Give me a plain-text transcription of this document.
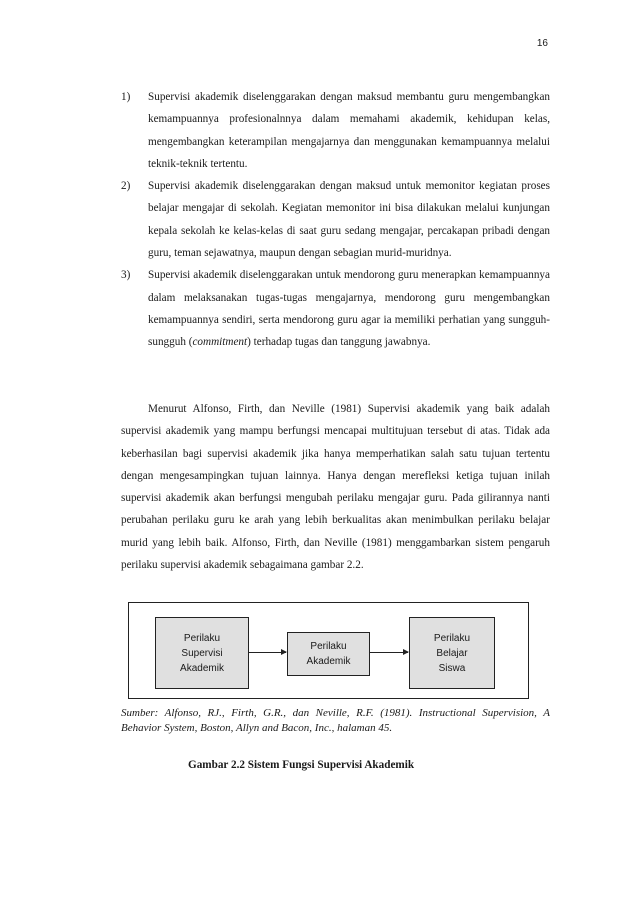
16
1) Supervisi akademik diselenggarakan dengan maksud membantu guru mengembangkan kemampuannya profesionalnnya dalam memahami akademik, kehidupan kelas, mengembangkan keterampilan mengajarnya dan menggunakan kemampuannya melalui teknik-teknik tertentu.
2) Supervisi akademik diselenggarakan dengan maksud untuk memonitor kegiatan proses belajar mengajar di sekolah. Kegiatan memonitor ini bisa dilakukan melalui kunjungan kepala sekolah ke kelas-kelas di saat guru sedang mengajar, percakapan pribadi dengan guru, teman sejawatnya, maupun dengan sebagian murid-muridnya.
3) Supervisi akademik diselenggarakan untuk mendorong guru menerapkan kemampuannya dalam melaksanakan tugas-tugas mengajarnya, mendorong guru mengembangkan kemampuannya sendiri, serta mendorong guru agar ia memiliki perhatian yang sungguh-sungguh (commitment) terhadap tugas dan tanggung jawabnya.

Menurut Alfonso, Firth, dan Neville (1981) Supervisi akademik yang baik adalah supervisi akademik yang mampu berfungsi mencapai multitujuan tersebut di atas. Tidak ada keberhasilan bagi supervisi akademik jika hanya memperhatikan salah satu tujuan tertentu dengan mengesampingkan tujuan lainnya. Hanya dengan merefleksi ketiga tujuan inilah supervisi akademik akan berfungsi mengubah perilaku mengajar guru. Pada gilirannya nanti perubahan perilaku guru ke arah yang lebih berkualitas akan menimbulkan perilaku belajar murid yang lebih baik. Alfonso, Firth, dan Neville (1981) menggambarkan sistem pengaruh perilaku supervisi akademik sebagaimana gambar 2.2.

Perilaku
Supervisi
Akademik
Perilaku
Akademik
Perilaku
Belajar
Siswa

Sumber: Alfonso, RJ., Firth, G.R., dan Neville, R.F. (1981). Instructional Supervision, A Behavior System, Boston, Allyn and Bacon, Inc., halaman 45.

Gambar 2.2 Sistem Fungsi Supervisi Akademik
